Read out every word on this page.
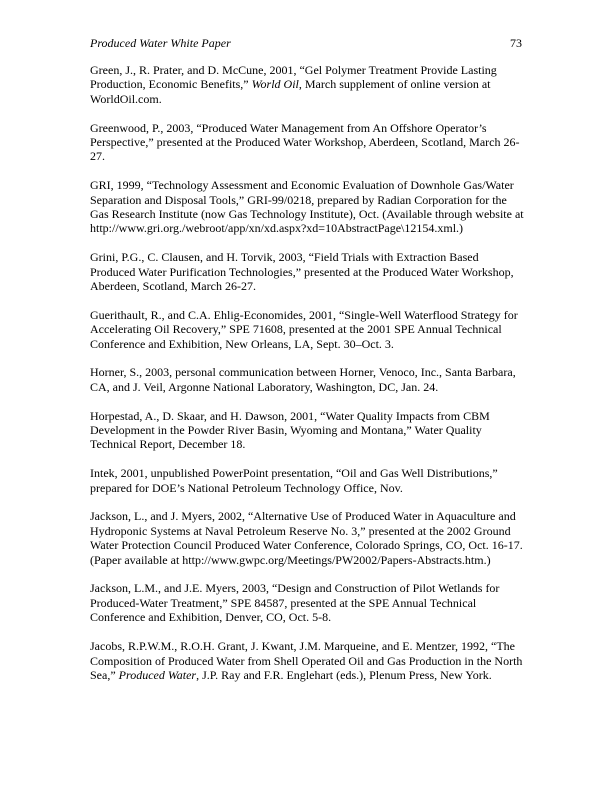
Produced Water White Paper	73

Green, J., R. Prater, and D. McCune, 2001, “Gel Polymer Treatment Provide Lasting Production, Economic Benefits,” World Oil, March supplement of online version at WorldOil.com.

Greenwood, P., 2003, “Produced Water Management from An Offshore Operator’s Perspective,” presented at the Produced Water Workshop, Aberdeen, Scotland, March 26-27.

GRI, 1999, “Technology Assessment and Economic Evaluation of Downhole Gas/Water Separation and Disposal Tools,” GRI-99/0218, prepared by Radian Corporation for the Gas Research Institute (now Gas Technology Institute), Oct. (Available through website at http://www.gri.org./webroot/app/xn/xd.aspx?xd=10AbstractPage\12154.xml.)

Grini, P.G., C. Clausen, and H. Torvik, 2003, “Field Trials with Extraction Based Produced Water Purification Technologies,” presented at the Produced Water Workshop, Aberdeen, Scotland, March 26-27.

Guerithault, R., and C.A. Ehlig-Economides, 2001, “Single-Well Waterflood Strategy for Accelerating Oil Recovery,” SPE 71608, presented at the 2001 SPE Annual Technical Conference and Exhibition, New Orleans, LA, Sept. 30–Oct. 3.

Horner, S., 2003, personal communication between Horner, Venoco, Inc., Santa Barbara, CA, and J. Veil, Argonne National Laboratory, Washington, DC, Jan. 24.

Horpestad, A., D. Skaar, and H. Dawson, 2001, “Water Quality Impacts from CBM Development in the Powder River Basin, Wyoming and Montana,” Water Quality Technical Report, December 18.

Intek, 2001, unpublished PowerPoint presentation, “Oil and Gas Well Distributions,” prepared for DOE’s National Petroleum Technology Office, Nov.

Jackson, L., and J. Myers, 2002, “Alternative Use of Produced Water in Aquaculture and Hydroponic Systems at Naval Petroleum Reserve No. 3,” presented at the 2002 Ground Water Protection Council Produced Water Conference, Colorado Springs, CO, Oct. 16-17. (Paper available at http://www.gwpc.org/Meetings/PW2002/Papers-Abstracts.htm.)

Jackson, L.M., and J.E. Myers, 2003, “Design and Construction of Pilot Wetlands for Produced-Water Treatment,” SPE 84587, presented at the SPE Annual Technical Conference and Exhibition, Denver, CO, Oct. 5-8.

Jacobs, R.P.W.M., R.O.H. Grant, J. Kwant, J.M. Marqueine, and E. Mentzer, 1992, “The Composition of Produced Water from Shell Operated Oil and Gas Production in the North Sea,” Produced Water, J.P. Ray and F.R. Englehart (eds.), Plenum Press, New York.
